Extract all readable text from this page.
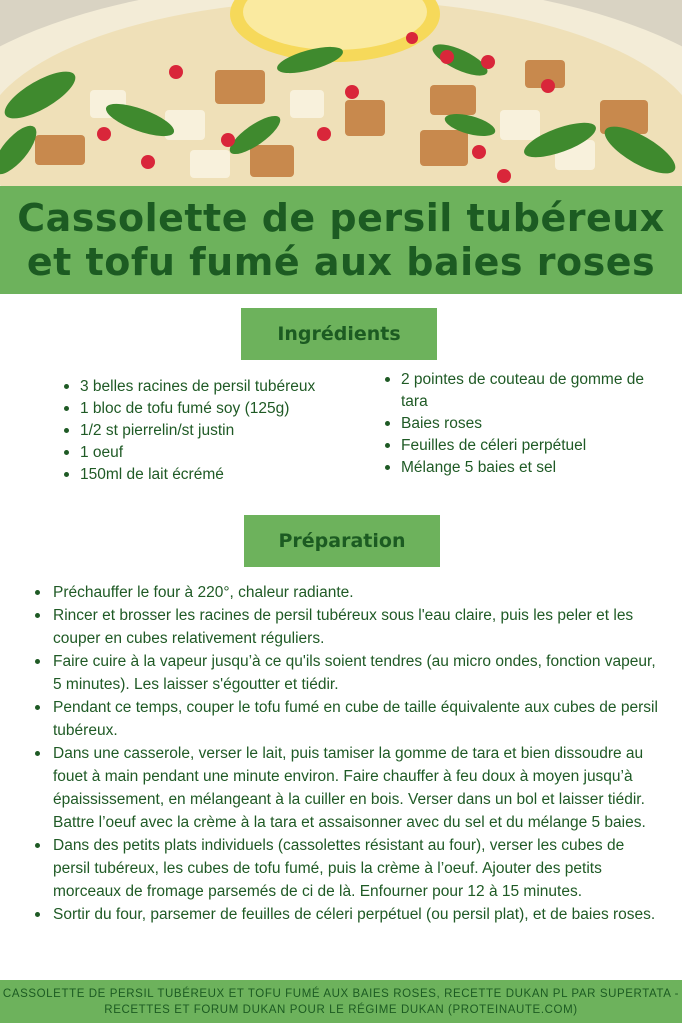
Cassolette de persil tubéreux
et tofu fumé aux baies roses
Ingrédients
3 belles racines de persil tubéreux
1 bloc de tofu fumé soy (125g)
1/2 st pierrelin/st justin
1 oeuf
150ml de lait écrémé
2 pointes de couteau de gomme de tara
Baies roses
Feuilles de céleri perpétuel
Mélange 5 baies et sel
Préparation
Préchauffer le four à 220°, chaleur radiante.
Rincer et brosser les racines de persil tubéreux sous l'eau claire, puis les peler et les couper en cubes relativement réguliers.
Faire cuire à la vapeur jusqu’à ce qu'ils soient tendres (au micro ondes, fonction vapeur, 5 minutes). Les laisser s'égoutter et tiédir.
Pendant ce temps, couper le tofu fumé en cube de taille équivalente aux cubes de persil tubéreux.
Dans une casserole, verser le lait, puis tamiser la gomme de tara et bien dissoudre au fouet à main pendant une minute environ. Faire chauffer à feu doux à moyen jusqu’à épaississement, en mélangeant à la cuiller en bois. Verser dans un bol et laisser tiédir. Battre l’oeuf avec la crème à la tara et assaisonner avec du sel et du mélange 5 baies.
Dans des petits plats individuels (cassolettes résistant au four), verser les cubes de persil tubéreux, les cubes de tofu fumé, puis la crème à l’oeuf. Ajouter des petits morceaux de fromage parsemés de ci de là. Enfourner pour 12 à 15 minutes.
Sortir du four, parsemer de feuilles de céleri perpétuel (ou persil plat), et de baies roses.
CASSOLETTE DE PERSIL TUBÉREUX ET TOFU FUMÉ AUX BAIES ROSES, RECETTE DUKAN PL PAR SUPERTATA -
RECETTES ET FORUM DUKAN POUR LE RÉGIME DUKAN (PROTEINAUTE.COM)
